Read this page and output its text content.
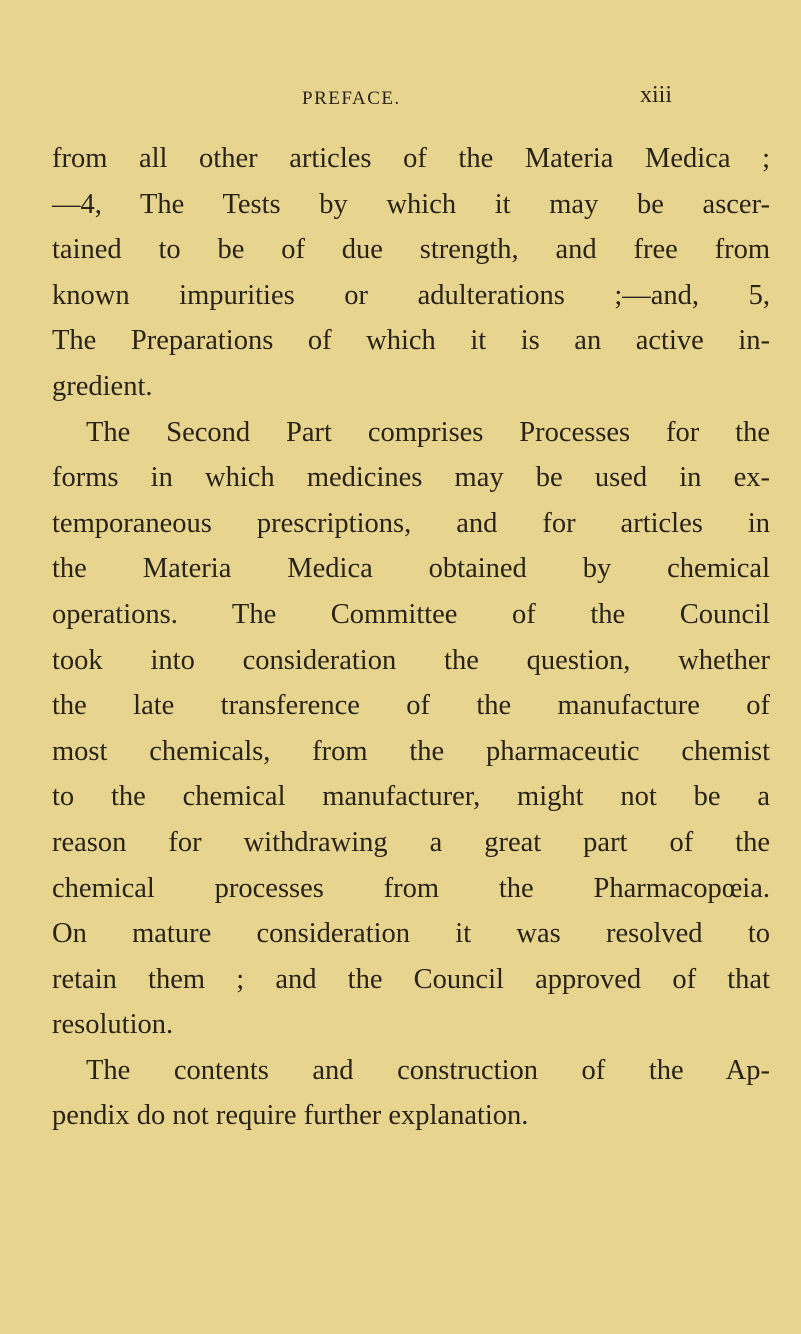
PREFACE.	xiii
from all other articles of the Materia Medica ;
—4, The Tests by which it may be ascer-
tained to be of due strength, and free from
known impurities or adulterations ;—and, 5,
The Preparations of which it is an active in-
gredient.
The Second Part comprises Processes for the
forms in which medicines may be used in ex-
temporaneous prescriptions, and for articles in
the Materia Medica obtained by chemical
operations. The Committee of the Council
took into consideration the question, whether
the late transference of the manufacture of
most chemicals, from the pharmaceutic chemist
to the chemical manufacturer, might not be a
reason for withdrawing a great part of the
chemical processes from the Pharmacopœia.
On mature consideration it was resolved to
retain them ; and the Council approved of that
resolution.
The contents and construction of the Ap-
pendix do not require further explanation.
